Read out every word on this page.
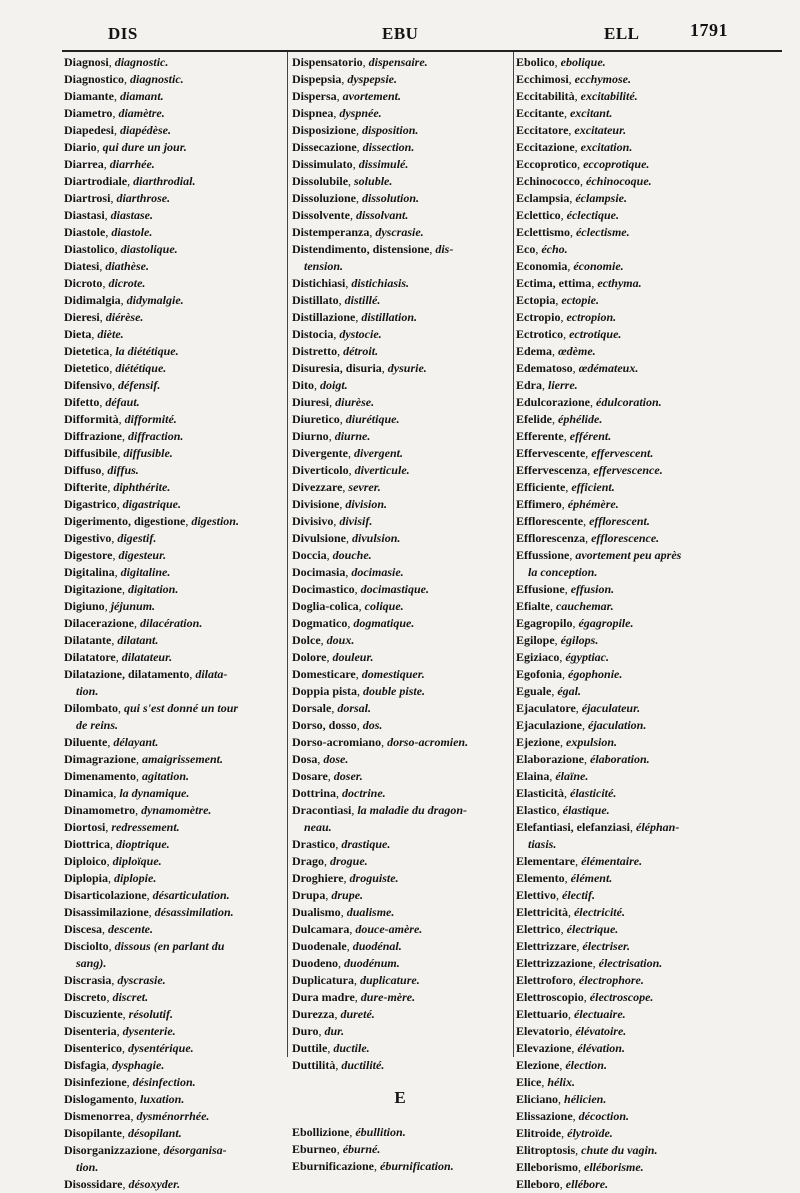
DIS	EBU	ELL	1791
Diagnosi, diagnostic.
Diagnostico, diagnostic.
Diamante, diamant.
Diametro, diamètre.
Diapedesi, diapédèse.
Diario, qui dure un jour.
Diarrea, diarrhée.
Diartrodiale, diarthrodial.
Diartrosi, diarthrose.
Diastasi, diastase.
Diastole, diastole.
Diastolico, diastolique.
Diatesi, diathèse.
Dicroto, dicrote.
Didimalgia, didymalgie.
Dieresi, diérèse.
Dieta, diète.
Dietetica, la diététique.
Dietetico, diététique.
Difensivo, défensif.
Difetto, défaut.
Difformità, difformité.
Diffrazione, diffraction.
Diffusibile, diffusible.
Diffuso, diffus.
Difterite, diphthérite.
Digastrico, digastrique.
Digerimento, digestione, digestion.
Digestivo, digestif.
Digestore, digesteur.
Digitalina, digitaline.
Digitazione, digitation.
Digiuno, jéjunum.
Dilacerazione, dilacération.
Dilatante, dilatant.
Dilatatore, dilatateur.
Dilatazione, dilatamento, dilata-
tion.
Dilombato, qui s'est donné un tour
de reins.
Diluente, délayant.
Dimagrazione, amaigrissement.
Dimenamento, agitation.
Dinamica, la dynamique.
Dinamometro, dynamomètre.
Diortosi, redressement.
Diottrica, dioptrique.
Diploico, diploïque.
Diplopia, diplopie.
Disarticolazione, désarticulation.
Disassimilazione, désassimilation.
Discesa, descente.
Disciolto, dissous (en parlant du
sang).
Discrasia, dyscrasie.
Discreto, discret.
Discuziente, résolutif.
Disenteria, dysenterie.
Disenterico, dysentérique.
Disfagia, dysphagie.
Disinfezione, désinfection.
Dislogamento, luxation.
Dismenorrea, dysménorrhée.
Disopilante, désopilant.
Disorganizzazione, désorganisa-
tion.
Disossidare, désoxyder.
Dispensatorio, dispensaire.
Dispepsia, dyspepsie.
Dispersa, avortement.
Dispnea, dyspnée.
Disposizione, disposition.
Dissecazione, dissection.
Dissimulato, dissimulé.
Dissolubile, soluble.
Dissoluzione, dissolution.
Dissolvente, dissolvant.
Distemperanza, dyscrasie.
Distendimento, distensione, dis-
tension.
Distichiasi, distichiasis.
Distillato, distillé.
Distillazione, distillation.
Distocia, dystocie.
Distretto, détroit.
Disuresia, disuria, dysurie.
Dito, doigt.
Diuresi, diurèse.
Diuretico, diurétique.
Diurno, diurne.
Divergente, divergent.
Diverticolo, diverticule.
Divezzare, sevrer.
Divisione, division.
Divisivo, divisif.
Divulsione, divulsion.
Doccia, douche.
Docimasia, docimasie.
Docimastico, docimastique.
Doglia-colica, colique.
Dogmatico, dogmatique.
Dolce, doux.
Dolore, douleur.
Domesticare, domestiquer.
Doppia pista, double piste.
Dorsale, dorsal.
Dorso, dosso, dos.
Dorso-acromiano, dorso-acromien.
Dosa, dose.
Dosare, doser.
Dottrina, doctrine.
Dracontiasi, la maladie du dragon-
neau.
Drastico, drastique.
Drago, drogue.
Droghiere, droguiste.
Drupa, drupe.
Dualismo, dualisme.
Dulcamara, douce-amère.
Duodenale, duodénal.
Duodeno, duodénum.
Duplicatura, duplicature.
Dura madre, dure-mère.
Durezza, dureté.
Duro, dur.
Duttile, ductile.
Duttilità, ductilité.
E
Ebollizione, ébullition.
Eburneo, éburné.
Eburnificazione, éburnification.
Ebolico, ebolique.
Ecchimosi, ecchymose.
Eccitabilità, excitabilité.
Eccitante, excitant.
Eccitatore, excitateur.
Eccitazione, excitation.
Eccoprotico, eccoprotique.
Echinococco, échinocoque.
Eclampsia, éclampsie.
Eclettico, éclectique.
Eclettismo, éclectisme.
Eco, écho.
Economia, économie.
Ectima, ettima, ecthyma.
Ectopia, ectopie.
Ectropio, ectropion.
Ectrotico, ectrotique.
Edema, œdème.
Edematoso, œdémateux.
Edra, lierre.
Edulcorazione, édulcoration.
Efelide, éphélide.
Efferente, efférent.
Effervescente, effervescent.
Effervescenza, effervescence.
Efficiente, efficient.
Effimero, éphémère.
Efflorescente, efflorescent.
Efflorescenza, efflorescence.
Effussione, avortement peu après
la conception.
Effusione, effusion.
Efialte, cauchemar.
Egagropilo, égagropile.
Egilope, égilops.
Egiziaco, égyptiac.
Egofonia, égophonie.
Eguale, égal.
Ejaculatore, éjaculateur.
Ejaculazione, éjaculation.
Ejezione, expulsion.
Elaborazione, élaboration.
Elaina, élaïne.
Elasticità, élasticité.
Elastico, élastique.
Elefantiasi, elefanziasi, éléphan-
tiasis.
Elementare, élémentaire.
Elemento, élément.
Elettivo, électif.
Elettricità, électricité.
Elettrico, électrique.
Elettrizzare, électriser.
Elettrizzazione, électrisation.
Elettroforo, électrophore.
Elettroscopio, électroscope.
Elettuario, électuaire.
Elevatorio, élévatoire.
Elevazione, élévation.
Elezione, élection.
Elice, hélix.
Eliciano, hélicien.
Elissazione, décoction.
Elitroide, élytroïde.
Elitroptosis, chute du vagin.
Elleborismo, elléborisme.
Elleboro, ellébore.
